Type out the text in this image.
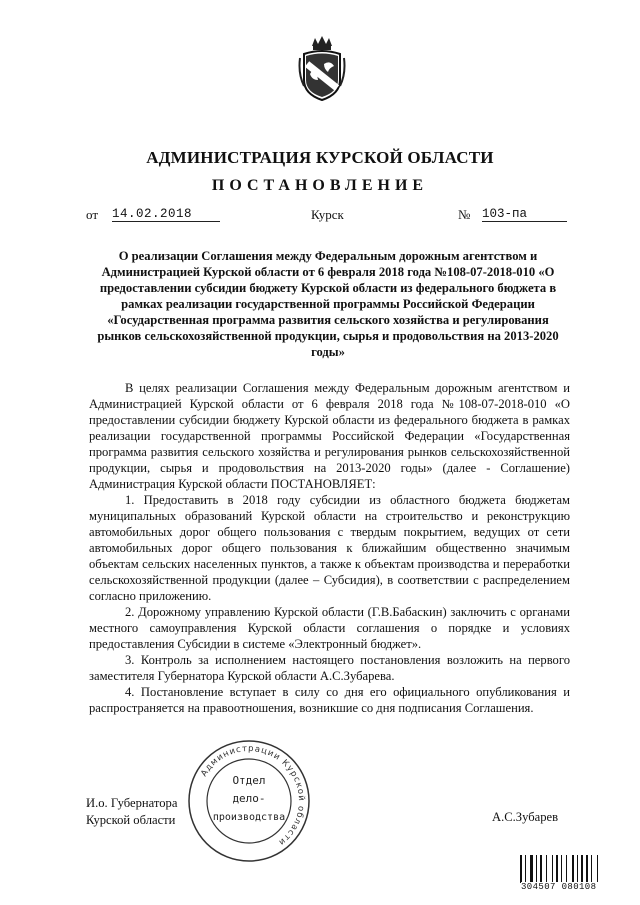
АДМИНИСТРАЦИЯ КУРСКОЙ ОБЛАСТИ
ПОСТАНОВЛЕНИЕ
от 14.02.2018	Курск	№ 103-па
О реализации Соглашения между Федеральным дорожным агентством и Администрацией Курской области от 6 февраля 2018 года №108-07-2018-010 «О предоставлении субсидии бюджету Курской области из федерального бюджета в рамках реализации государственной программы Российской Федерации «Государственная программа развития сельского хозяйства и регулирования рынков сельскохозяйственной продукции, сырья и продовольствия на 2013-2020 годы»

В целях реализации Соглашения между Федеральным дорожным агентством и Администрацией Курской области от 6 февраля 2018 года №108-07-2018-010 «О предоставлении субсидии бюджету Курской области из федерального бюджета в рамках реализации государственной программы Российской Федерации «Государственная программа развития сельского хозяйства и регулирования рынков сельскохозяйственной продукции, сырья и продовольствия на 2013-2020 годы» (далее - Соглашение) Администрация Курской области ПОСТАНОВЛЯЕТ:

1. Предоставить в 2018 году субсидии из областного бюджета бюджетам муниципальных образований Курской области на строительство и реконструкцию автомобильных дорог общего пользования с твердым покрытием, ведущих от сети автомобильных дорог общего пользования к ближайшим общественно значимым объектам сельских населенных пунктов, а также к объектам производства и переработки сельскохозяйственной продукции (далее – Субсидия), в соответствии с распределением согласно приложению.

2. Дорожному управлению Курской области (Г.В.Бабаскин) заключить с органами местного самоуправления Курской области соглашения о порядке и условиях предоставления Субсидии в системе «Электронный бюджет».

3. Контроль за исполнением настоящего постановления возложить на первого заместителя Губернатора Курской области А.С.Зубарева.

4. Постановление вступает в силу со дня его официального опубликования и распространяется на правоотношения, возникшие со дня подписания Соглашения.

И.о. Губернатора
Курской области	А.С.Зубарев
Администрации Курской области
Отдел
дело-
производства
304507 080108
